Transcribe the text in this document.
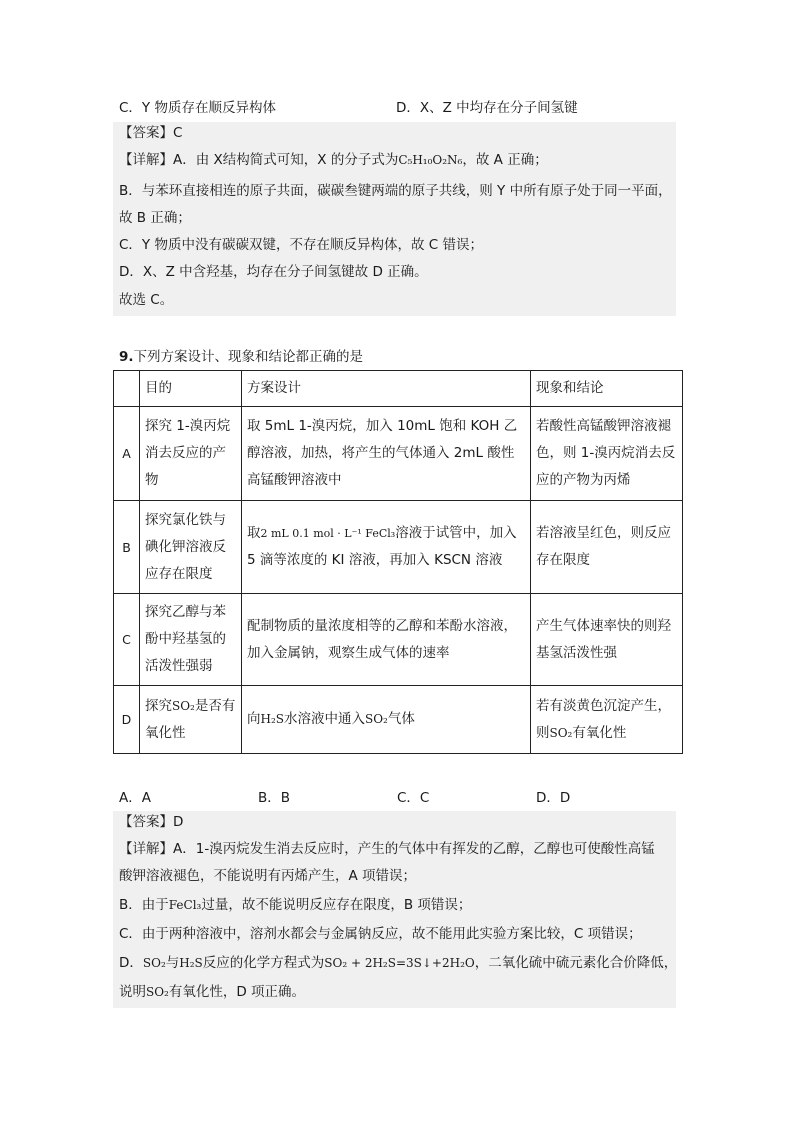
C．Y 物质存在顺反异构体	D．X、Z 中均存在分子间氢键
【答案】C
【详解】A．由 X结构简式可知，X 的分子式为C₅H₁₀O₂N₆，故 A 正确；
B．与苯环直接相连的原子共面，碳碳叁键两端的原子共线，则 Y 中所有原子处于同一平面，
故 B 正确；
C．Y 物质中没有碳碳双键，不存在顺反异构体，故 C 错误；
D．X、Z 中含羟基，均存在分子间氢键故 D 正确。
故选 C。
9.下列方案设计、现象和结论都正确的是
	目的	方案设计	现象和结论
A	探究 1-溴丙烷消去反应的产物	取 5mL 1-溴丙烷，加入 10mL 饱和 KOH 乙醇溶液，加热，将产生的气体通入 2mL 酸性高锰酸钾溶液中	若酸性高锰酸钾溶液褪色，则 1-溴丙烷消去反应的产物为丙烯
B	探究氯化铁与碘化钾溶液反应存在限度	取2 mL 0.1 mol · L⁻¹ FeCl₃溶液于试管中，加入 5 滴等浓度的 KI 溶液，再加入 KSCN 溶液	若溶液呈红色，则反应存在限度
C	探究乙醇与苯酚中羟基氢的活泼性强弱	配制物质的量浓度相等的乙醇和苯酚水溶液，加入金属钠，观察生成气体的速率	产生气体速率快的则羟基氢活泼性强
D	探究SO₂是否有氧化性	向H₂S水溶液中通入SO₂气体	若有淡黄色沉淀产生，则SO₂有氧化性
A．A	B．B	C．C	D．D
【答案】D
【详解】A．1-溴丙烷发生消去反应时，产生的气体中有挥发的乙醇，乙醇也可使酸性高锰
酸钾溶液褪色，不能说明有丙烯产生，A 项错误；
B．由于FeCl₃过量，故不能说明反应存在限度，B 项错误；
C．由于两种溶液中，溶剂水都会与金属钠反应，故不能用此实验方案比较，C 项错误；
D．SO₂与H₂S反应的化学方程式为SO₂ + 2H₂S=3S↓+2H₂O，二氧化硫中硫元素化合价降低，
说明SO₂有氧化性，D 项正确。
